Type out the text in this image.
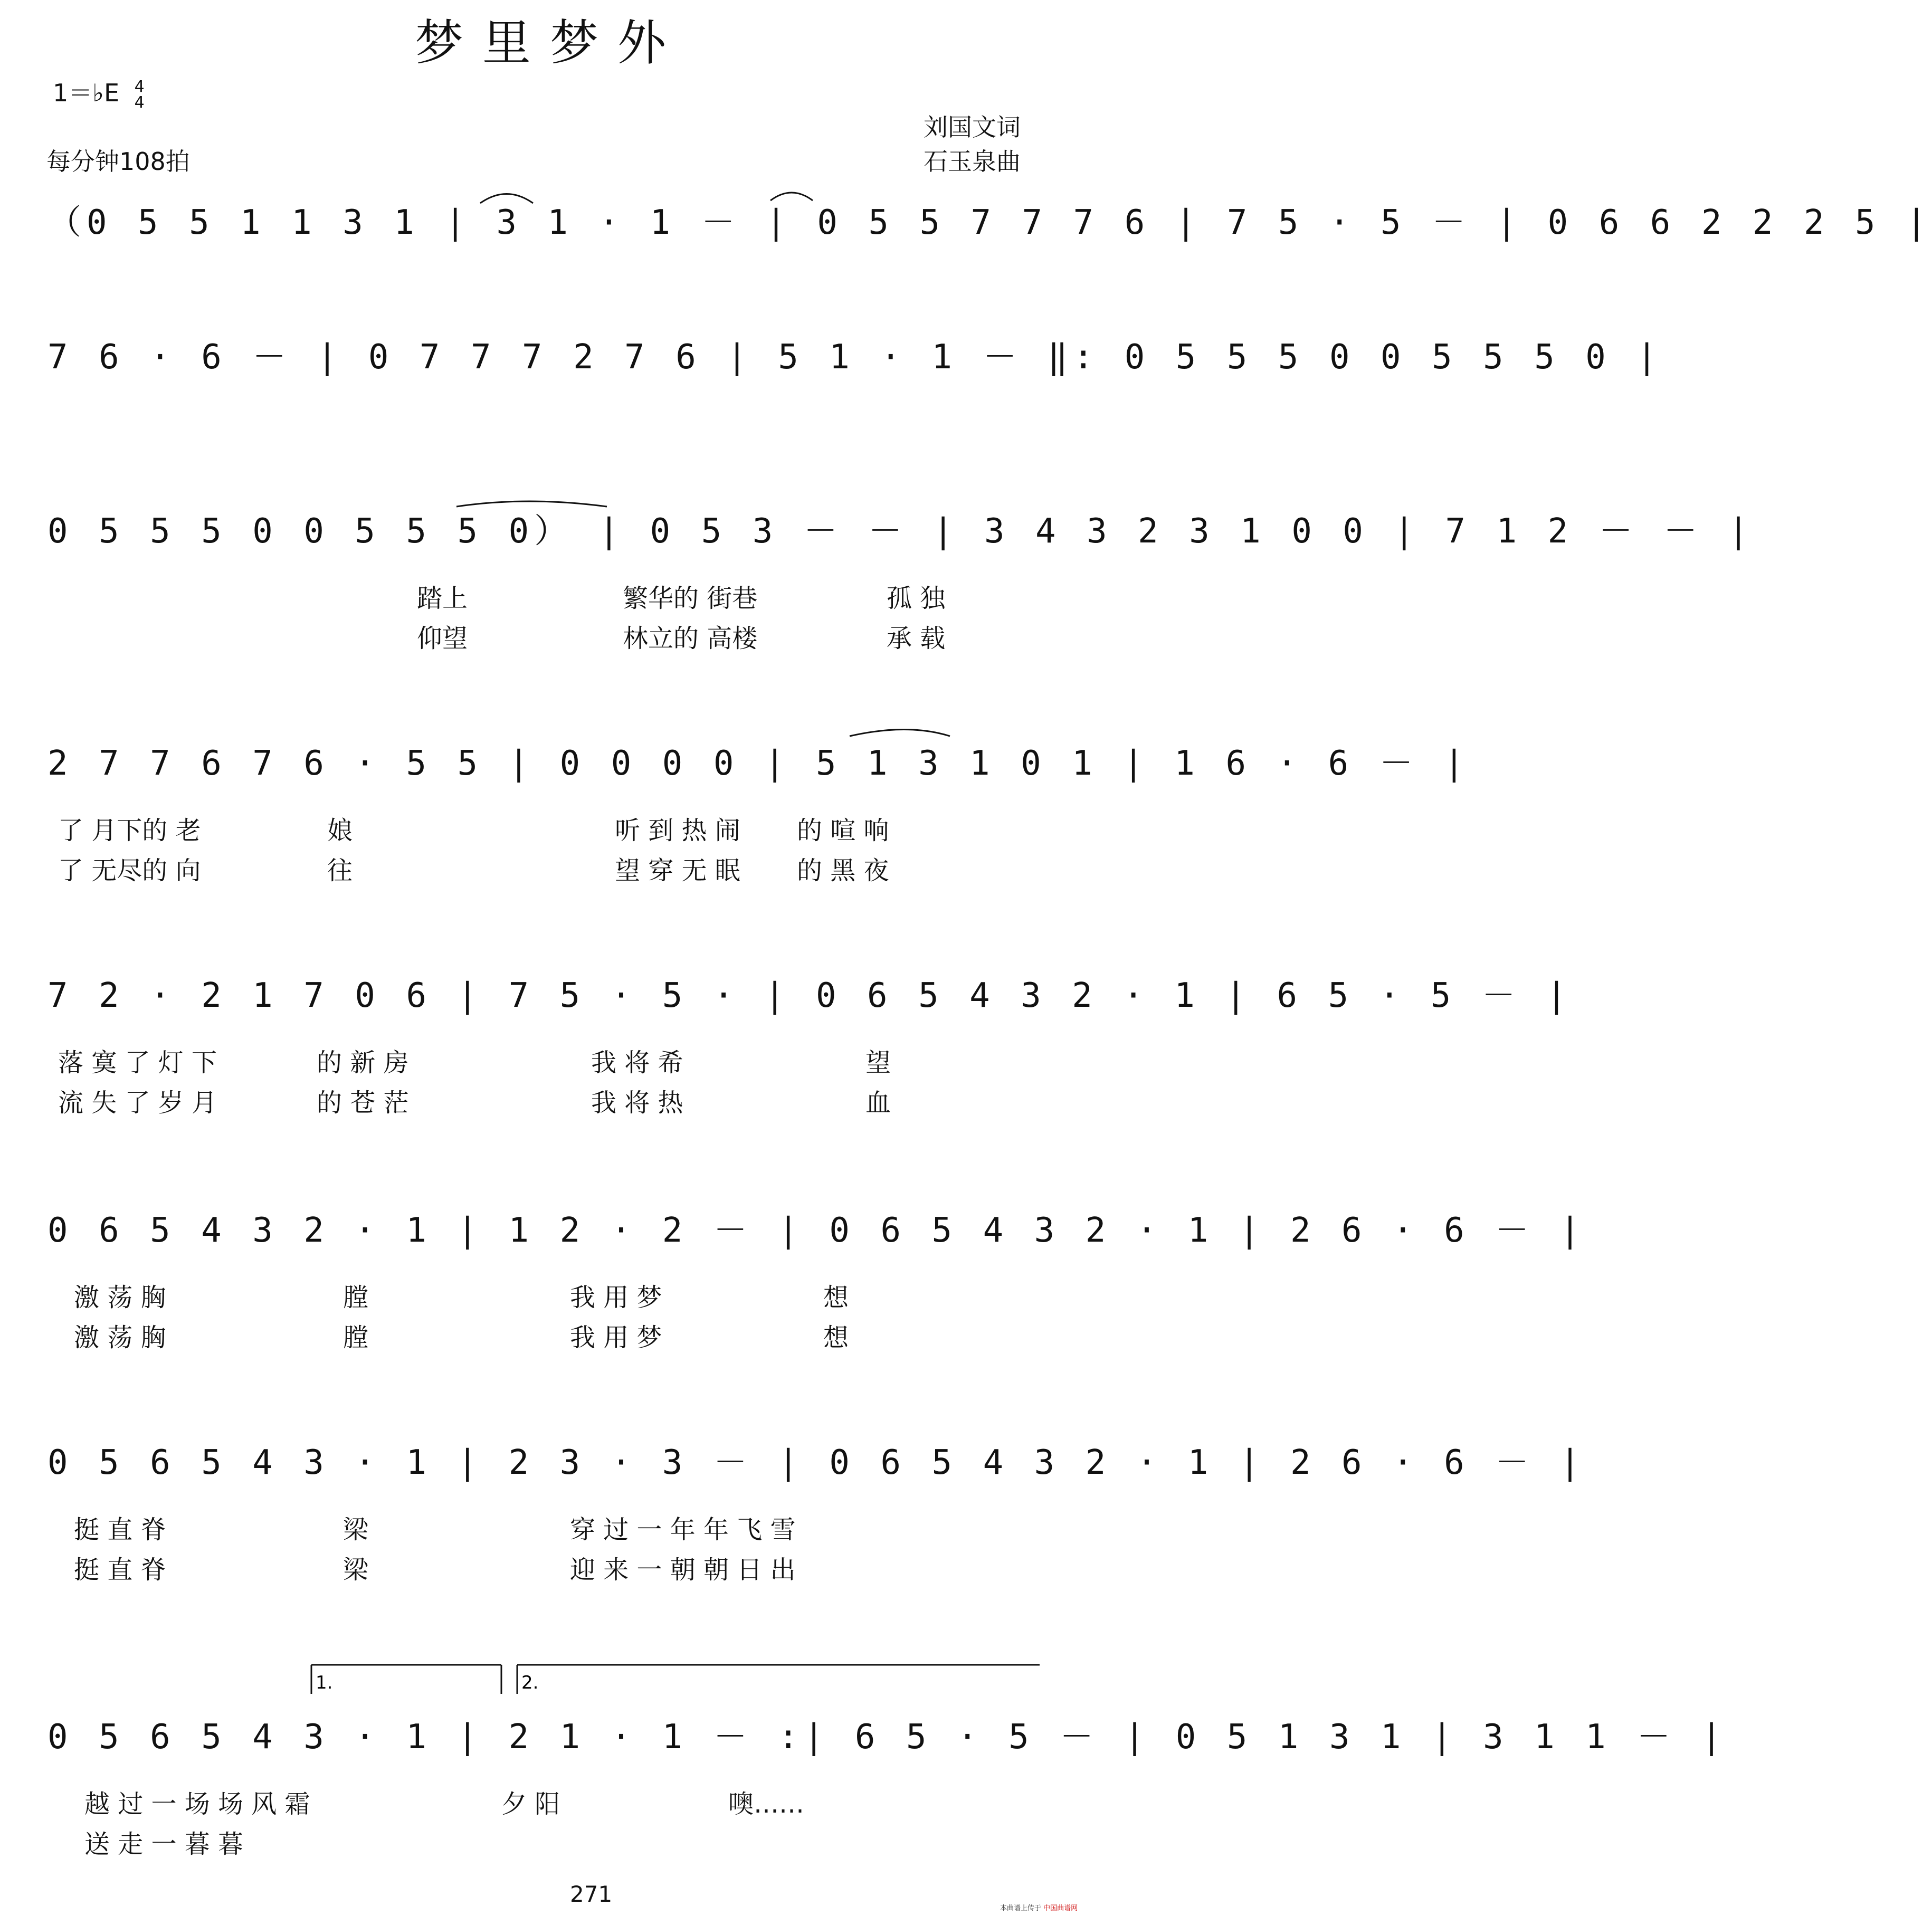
梦里梦外
1＝♭E 4
4
每分钟108拍
刘国文词
石玉泉曲
（0 5 5 1 1 3 1 | 3 1 · 1 － | 0 5 5 7 7 7 6 | 7 5 · 5 － | 0 6 6 2 2 2 5 |
7 6 · 6 － | 0 7 7 7 2 7 6 | 5 1 · 1 － ‖: 0 5 5 5 0 0 5 5 5 0 |
0 5 5 5 0 0 5 5 5 0） | 0 5 3 － － | 3 4 3 2 3 1 0 0 | 7 1 2 － － |
踏上	繁华的 街巷	孤 独
仰望	林立的 高楼	承 载
2 7 7 6 7 6 · 5 5 | 0 0 0 0 | 5 1 3 1 0 1 | 1 6 · 6 － |
了 月下的 老	娘	听 到 热 闹 的 喧 响
了 无尽的 向	往	望 穿 无 眠 的 黑 夜
7 2 · 2 1 7 0 6 | 7 5 · 5 · | 0 6 5 4 3 2 · 1 | 6 5 · 5 － |
落 寞 了 灯 下	的 新 房	我 将 希	望
流 失 了 岁 月	的 苍 茫	我 将 热	血
0 6 5 4 3 2 · 1 | 1 2 · 2 － | 0 6 5 4 3 2 · 1 | 2 6 · 6 － |
激 荡 胸	膛	我 用 梦	想
激 荡 胸	膛	我 用 梦	想
0 5 6 5 4 3 · 1 | 2 3 · 3 － | 0 6 5 4 3 2 · 1 | 2 6 · 6 － |
挺 直 脊	梁	穿 过 一 年 年 飞 雪
挺 直 脊	梁	迎 来 一 朝 朝 日 出
0 5 6 5 4 3 · 1 | 2 1 · 1 － :| 6 5 · 5 － | 0 5 1 3 1 | 3 1 1 － |
越 过 一 场 场 风 霜	夕 阳	噢……
送 走 一 暮 暮
1.	2.
271
本曲谱上传于 中国曲谱网
